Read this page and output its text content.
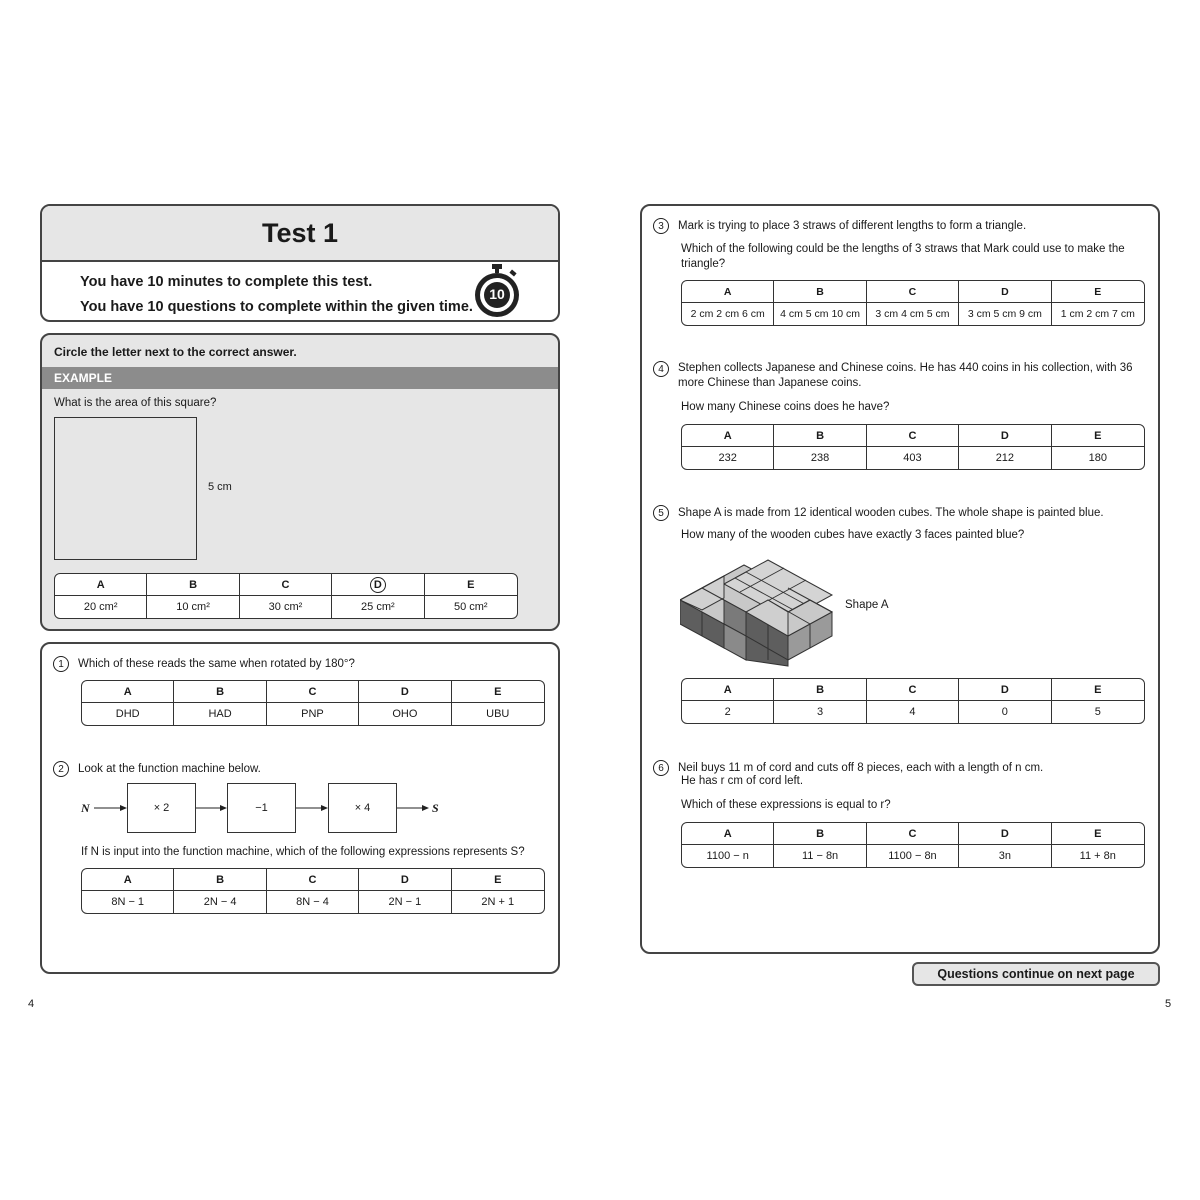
Test 1
You have 10 minutes to complete this test.
You have 10 questions to complete within the given time.
10
Circle the letter next to the correct answer.
EXAMPLE
What is the area of this square?
5 cm
A	B	C	D	E
20 cm²	10 cm²	30 cm²	25 cm²	50 cm²
1 Which of these reads the same when rotated by 180°?
A	B	C	D	E
DHD	HAD	PNP	OHO	UBU
2 Look at the function machine below.
N	× 2	−1	× 4	S
If N is input into the function machine, which of the following expressions represents S?
A	B	C	D	E
8N − 1	2N − 4	8N − 4	2N − 1	2N + 1
3 Mark is trying to place 3 straws of different lengths to form a triangle.
Which of the following could be the lengths of 3 straws that Mark could use to make the triangle?
A	B	C	D	E
2 cm 2 cm 6 cm	4 cm 5 cm 10 cm	3 cm 4 cm 5 cm	3 cm 5 cm 9 cm	1 cm 2 cm 7 cm
4	Stephen collects Japanese and Chinese coins. He has 440 coins in his collection, with 36 more Chinese than Japanese coins.
How many Chinese coins does he have?
A	B	C	D	E
232	238	403	212	180
5 Shape A is made from 12 identical wooden cubes. The whole shape is painted blue.
How many of the wooden cubes have exactly 3 faces painted blue?
Shape A
A	B	C	D	E
2	3	4	0	5
6 Neil buys 11 m of cord and cuts off 8 pieces, each with a length of n cm.
He has r cm of cord left.
Which of these expressions is equal to r?
A	B	C	D	E
1100 − n	11 − 8n	1100 − 8n	3n	11 + 8n
Questions continue on next page
4	5
